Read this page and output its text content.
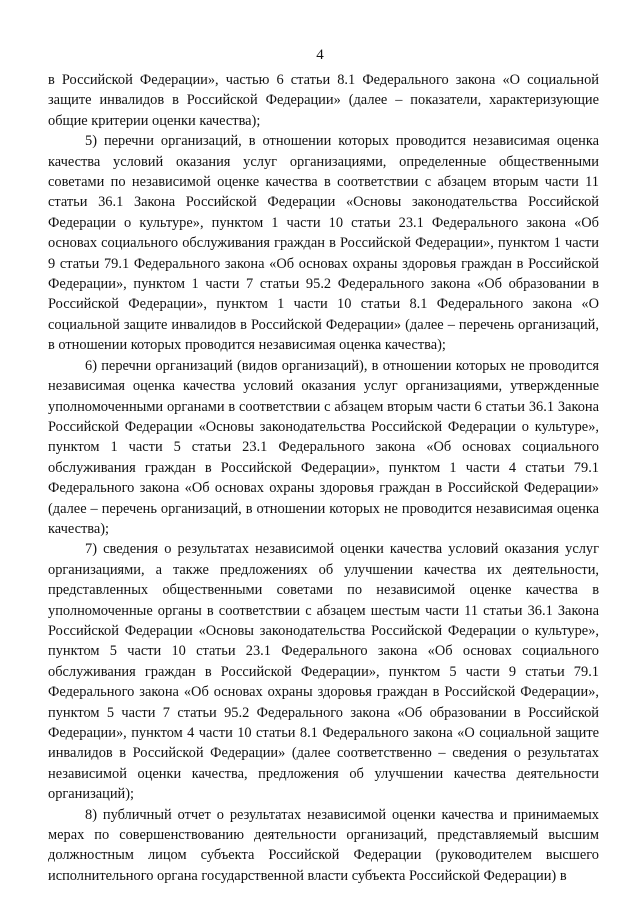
4

в Российской Федерации», частью 6 статьи 8.1 Федерального закона «О социальной защите инвалидов в Российской Федерации» (далее – показатели, характеризующие общие критерии оценки качества);

5) перечни организаций, в отношении которых проводится независимая оценка качества условий оказания услуг организациями, определенные общественными советами по независимой оценке качества в соответствии с абзацем вторым части 11 статьи 36.1 Закона Российской Федерации «Основы законодательства Российской Федерации о культуре», пунктом 1 части 10 статьи 23.1 Федерального закона «Об основах социального обслуживания граждан в Российской Федерации», пунктом 1 части 9 статьи 79.1 Федерального закона «Об основах охраны здоровья граждан в Российской Федерации», пунктом 1 части 7 статьи 95.2 Федерального закона «Об образовании в Российской Федерации», пунктом 1 части 10 статьи 8.1 Федерального закона «О социальной защите инвалидов в Российской Федерации» (далее – перечень организаций, в отношении которых проводится независимая оценка качества);

6) перечни организаций (видов организаций), в отношении которых не проводится независимая оценка качества условий оказания услуг организациями, утвержденные уполномоченными органами в соответствии с абзацем вторым части 6 статьи 36.1 Закона Российской Федерации «Основы законодательства Российской Федерации о культуре», пунктом 1 части 5 статьи 23.1 Федерального закона «Об основах социального обслуживания граждан в Российской Федерации», пунктом 1 части 4 статьи 79.1 Федерального закона «Об основах охраны здоровья граждан в Российской Федерации» (далее – перечень организаций, в отношении которых не проводится независимая оценка качества);

7) сведения о результатах независимой оценки качества условий оказания услуг организациями, а также предложениях об улучшении качества их деятельности, представленных общественными советами по независимой оценке качества в уполномоченные органы в соответствии с абзацем шестым части 11 статьи 36.1 Закона Российской Федерации «Основы законодательства Российской Федерации о культуре», пунктом 5 части 10 статьи 23.1 Федерального закона «Об основах социального обслуживания граждан в Российской Федерации», пунктом 5 части 9 статьи 79.1 Федерального закона «Об основах охраны здоровья граждан в Российской Федерации», пунктом 5 части 7 статьи 95.2 Федерального закона «Об образовании в Российской Федерации», пунктом 4 части 10 статьи 8.1 Федерального закона «О социальной защите инвалидов в Российской Федерации» (далее соответственно – сведения о результатах независимой оценки качества, предложения об улучшении качества деятельности организаций);

8) публичный отчет о результатах независимой оценки качества и принимаемых мерах по совершенствованию деятельности организаций, представляемый высшим должностным лицом субъекта Российской Федерации (руководителем высшего исполнительного органа государственной власти субъекта Российской Федерации) в
